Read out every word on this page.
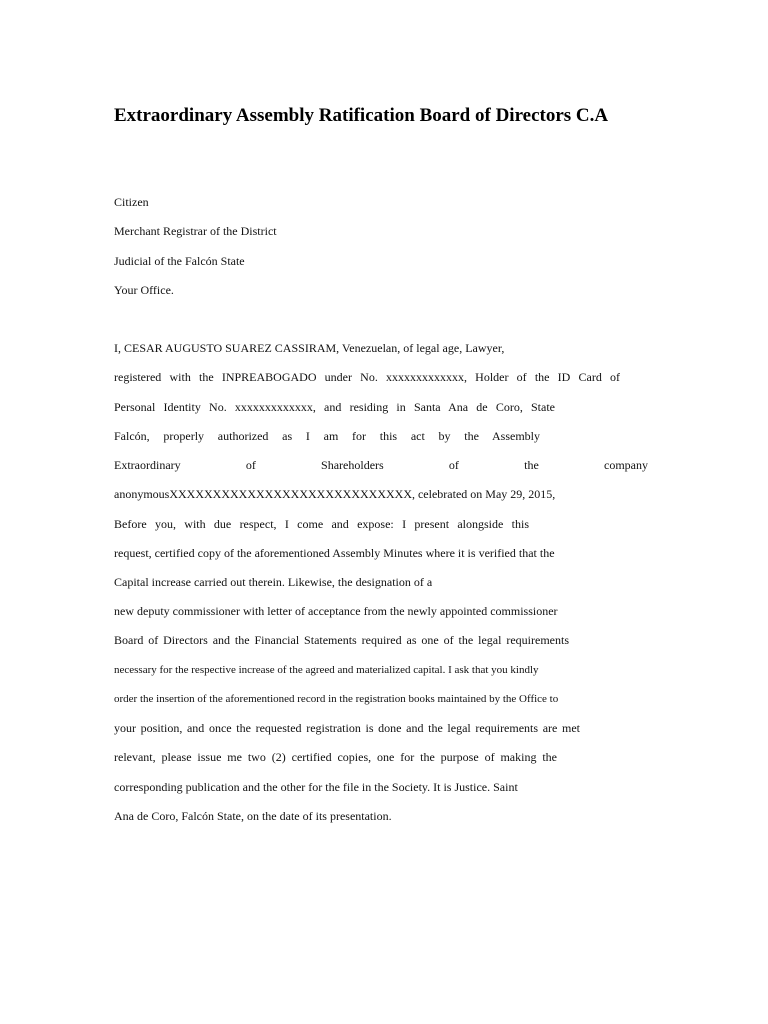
Extraordinary Assembly Ratification Board of Directors C.A

Citizen

Merchant Registrar of the District

Judicial of the Falcón State

Your Office.

I, CESAR AUGUSTO SUAREZ CASSIRAM, Venezuelan, of legal age, Lawyer,

registered with the INPREABOGADO under No. xxxxxxxxxxxxx, Holder of the ID Card of

Personal Identity No. xxxxxxxxxxxxx, and residing in Santa Ana de Coro, State

Falcón, properly authorized as I am for this act by the Assembly

Extraordinary of Shareholders of the company

anonymousXXXXXXXXXXXXXXXXXXXXXXXXXXXX, celebrated on May 29, 2015,

Before you, with due respect, I come and expose: I present alongside this

request, certified copy of the aforementioned Assembly Minutes where it is verified that the

Capital increase carried out therein. Likewise, the designation of a

new deputy commissioner with letter of acceptance from the newly appointed commissioner

Board of Directors and the Financial Statements required as one of the legal requirements

necessary for the respective increase of the agreed and materialized capital. I ask that you kindly

order the insertion of the aforementioned record in the registration books maintained by the Office to

your position, and once the requested registration is done and the legal requirements are met

relevant, please issue me two (2) certified copies, one for the purpose of making the

corresponding publication and the other for the file in the Society. It is Justice. Saint

Ana de Coro, Falcón State, on the date of its presentation.
